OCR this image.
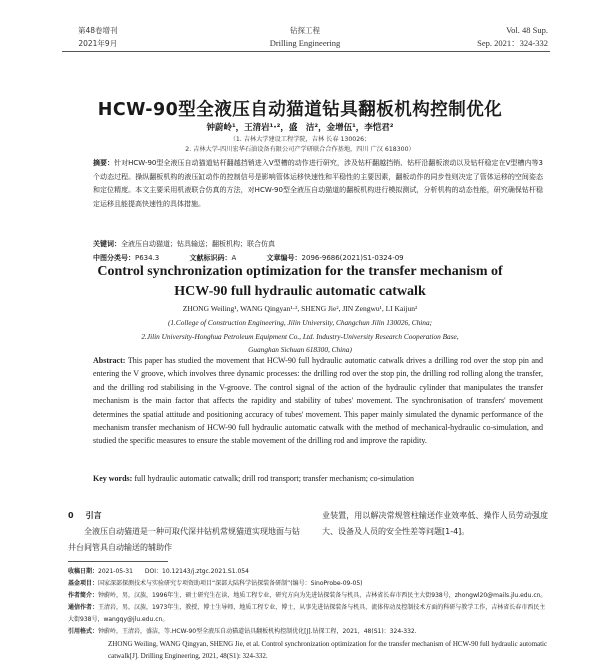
第48卷增刊
2021年9月
钻探工程
Drilling Engineering
Vol. 48 Sup.
Sep. 2021：324-332
HCW-90型全液压自动猫道钻具翻板机构控制优化
钟蔚岭¹，王清岩¹·²，盛　洁²，金增伍¹，李恺君²
（1. 吉林大学建设工程学院，吉林 长春 130026；
2. 吉林大学-四川宏华石油设备有限公司产学研联合合作基地，四川 广汉 618300）
摘要：针对HCW-90型全液压自动猫道钻杆翻越挡销进入V型槽的动作进行研究，涉及钻杆翻越挡销、钻杆沿翻板滚动以及钻杆稳定在V型槽内等3个动态过程。操纵翻板机构的液压缸动作的控制信号是影响管体运移快速性和平稳性的主要因素，翻板动作的同步性则决定了管体运移的空间姿态和定位精度。本文主要采用机液联合仿真的方法，对HCW-90型全液压自动猫道的翻板机构进行模拟测试，分析机构的动态性能，研究确保钻杆稳定运移且能提高快速性的具体措施。
关键词：全液压自动猫道；钻具输送；翻板机构；联合仿真
中图分类号：P634.3	文献标识码：A	文章编号：2096-9686(2021)S1-0324-09
Control synchronization optimization for the transfer mechanism of
HCW-90 full hydraulic automatic catwalk
ZHONG Weiling¹, WANG Qingyan¹·², SHENG Jie², JIN Zengwu¹, LI Kaijun²
(1.College of Construction Engineering, Jilin University, Changchun Jilin 130026, China;
2.Jilin University-Honghua Petroleum Equipment Co., Ltd. Industry-University Research Cooperation Base,
Guanghan Sichuan 618300, China)
Abstract: This paper has studied the movement that HCW-90 full hydraulic automatic catwalk drives a drilling rod over the stop pin and entering the V groove, which involves three dynamic processes: the drilling rod over the stop pin, the drilling rod rolling along the transfer, and the drilling rod stabilising in the V-groove. The control signal of the action of the hydraulic cylinder that manipulates the transfer mechanism is the main factor that affects the rapidity and stability of tubes' movement. The synchronisation of transfers' movement determines the spatial attitude and positioning accuracy of tubes' movement. This paper mainly simulated the dynamic performance of the mechanism transfer mechanism of HCW-90 full hydraulic automatic catwalk with the method of mechanical-hydraulic co-simulation, and studied the specific measures to ensure the stable movement of the drilling rod and improve the rapidity.
Key words: full hydraulic automatic catwalk; drill rod transport; transfer mechanism; co-simulation
0 引言
全液压自动猫道是一种可取代深井钻机常规猫道实现地面与钻井台间管具自动输送的辅助作
业装置，用以解决常规管柱输送作业效率低、操作人员劳动强度大、设备及人员的安全性差等问题[1-4]。
收稿日期：2021-05-31　　DOI：10.12143/j.ztgc.2021.S1.054
基金项目：国家深部探测技术与实验研究专项资助项目“深部大陆科学钻探装备研制”(编号：SinoProbe-09-05)
作者简介：钟蔚岭，男，汉族，1996年生，硕士研究生在读，地质工程专业，研究方向为先进钻探装备与机具，吉林省长春市西民主大街938号，zhongwl20@mails.jlu.edu.cn。
通信作者：王清岩，男，汉族，1973年生，教授，博士生导师，地质工程专业，博士，从事先进钻探装备与机具、流体传动及控制技术方面的科研与教学工作，吉林省长春市西民主大街938号，wangqy@jlu.edu.cn。
引用格式：钟蔚岭，王清岩，盛洁，等.HCW-90型全液压自动猫道钻具翻板机构控制优化[J].钻探工程，2021，48(S1)：324-332.
ZHONG Weiling, WANG Qingyan, SHENG Jie, et al. Control synchronization optimization for the transfer mechanism of HCW-90 full hydraulic automatic catwalk[J]. Drilling Engineering, 2021, 48(S1): 324-332.
